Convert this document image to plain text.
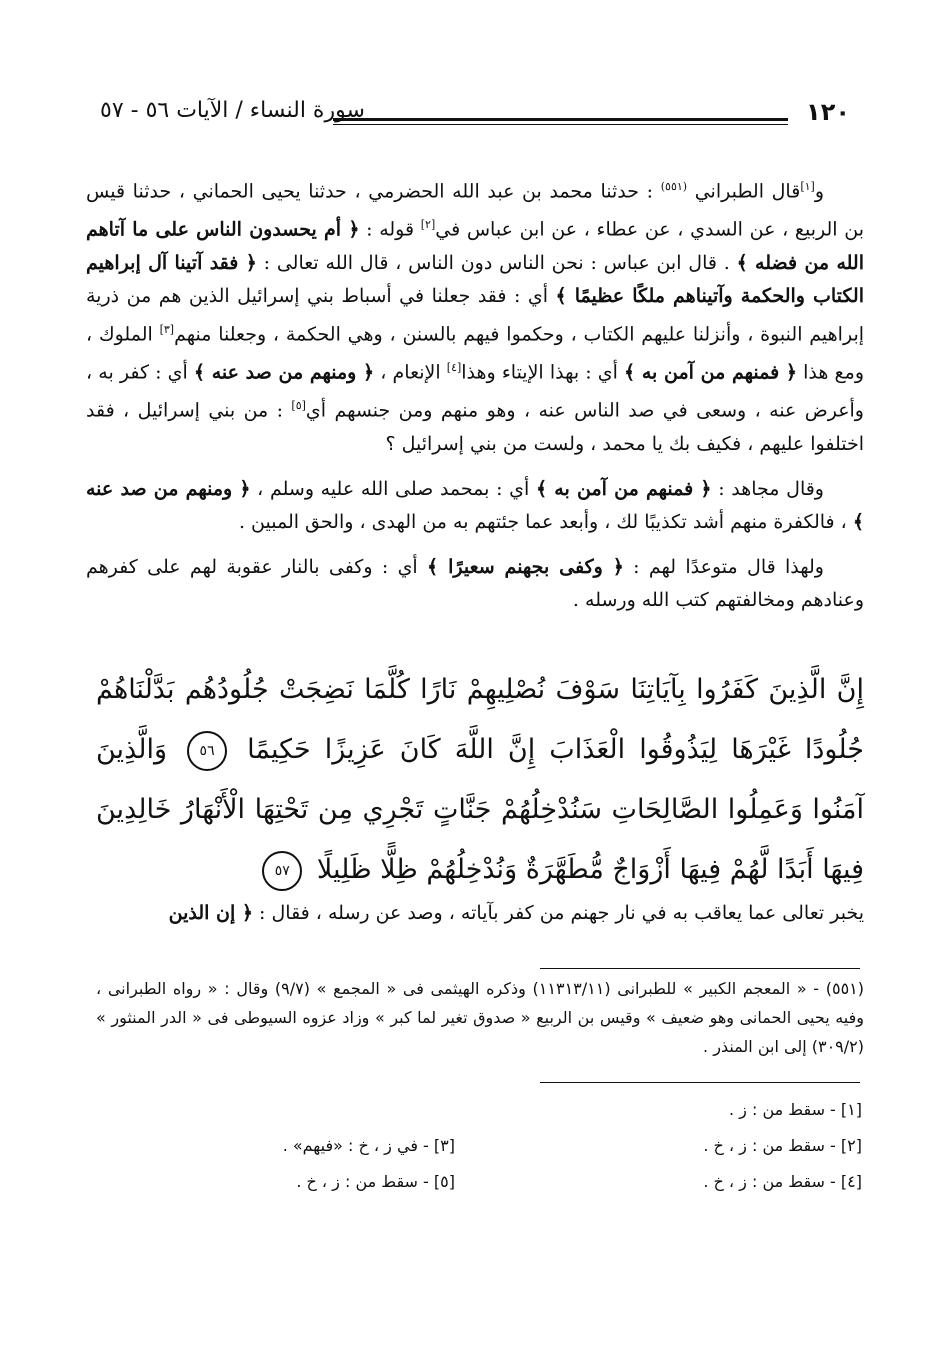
١٢٠
سورة النساء / الآيات ٥٦ - ٥٧

و[١]قال الطبراني $^{(٥٥١)}$ : حدثنا محمد بن عبد الله الحضرمي ، حدثنا يحيى الحماني ، حدثنا قيس بن الربيع ، عن السدي ، عن عطاء ، عن ابن عباس في[٢] قوله : ﴿ أم يحسدون الناس على ما آتاهم الله من فضله ﴾ . قال ابن عباس : نحن الناس دون الناس ، قال الله تعالى : ﴿ فقد آتينا آل إبراهيم الكتاب والحكمة وآتيناهم ملكًا عظيمًا ﴾ أي : فقد جعلنا في أسباط بني إسرائيل الذين هم من ذرية إبراهيم النبوة ، وأنزلنا عليهم الكتاب ، وحكموا فيهم بالسنن ، وهي الحكمة ، وجعلنا منهم[٣] الملوك ، ومع هذا ﴿ فمنهم من آمن به ﴾ أي : بهذا الإيتاء وهذا[٤] الإنعام ، ﴿ ومنهم من صد عنه ﴾ أي : كفر به ، وأعرض عنه ، وسعى في صد الناس عنه ، وهو منهم ومن جنسهم أي[٥] : من بني إسرائيل ، فقد اختلفوا عليهم ، فكيف بك يا محمد ، ولست من بني إسرائيل ؟

وقال مجاهد : ﴿ فمنهم من آمن به ﴾ أي : بمحمد صلى الله عليه وسلم ، ﴿ ومنهم من صد عنه ﴾ ، فالكفرة منهم أشد تكذيبًا لك ، وأبعد عما جئتهم به من الهدى ، والحق المبين .

ولهذا قال متوعدًا لهم : ﴿ وكفى بجهنم سعيرًا ﴾ أي : وكفى بالنار عقوبة لهم على كفرهم وعنادهم ومخالفتهم كتب الله ورسله .

إِنَّ الَّذِينَ كَفَرُوا بِآيَاتِنَا سَوْفَ نُصْلِيهِمْ نَارًا كُلَّمَا نَضِجَتْ جُلُودُهُم بَدَّلْنَاهُمْ جُلُودًا غَيْرَهَا لِيَذُوقُوا الْعَذَابَ إِنَّ اللَّهَ كَانَ عَزِيزًا حَكِيمًا ٥٦ وَالَّذِينَ آمَنُوا وَعَمِلُوا الصَّالِحَاتِ سَنُدْخِلُهُمْ جَنَّاتٍ تَجْرِي مِن تَحْتِهَا الْأَنْهَارُ خَالِدِينَ فِيهَا أَبَدًا لَّهُمْ فِيهَا أَزْوَاجٌ مُّطَهَّرَةٌ وَنُدْخِلُهُمْ ظِلًّا ظَلِيلًا ٥٧
يخبر تعالى عما يعاقب به في نار جهنم من كفر بآياته ، وصد عن رسله ، فقال : ﴿ إن الذين
(٥٥١) - « المعجم الكبير » للطبرانى (١١٣١٣/١١) وذكره الهيثمى فى « المجمع » (٩/٧) وقال : « رواه الطبرانى ، وفيه يحيى الحمانى وهو ضعيف » وقيس بن الربيع « صدوق تغير لما كبر » وزاد عزوه السيوطى فى « الدر المنثور » (٣٠٩/٢) إلى ابن المنذر .
[١] - سقط من : ز .
[٢] - سقط من : ز ، خ .
[٣] - في ز ، خ : «فيهم» .
[٤] - سقط من : ز ، خ .
[٥] - سقط من : ز ، خ .
